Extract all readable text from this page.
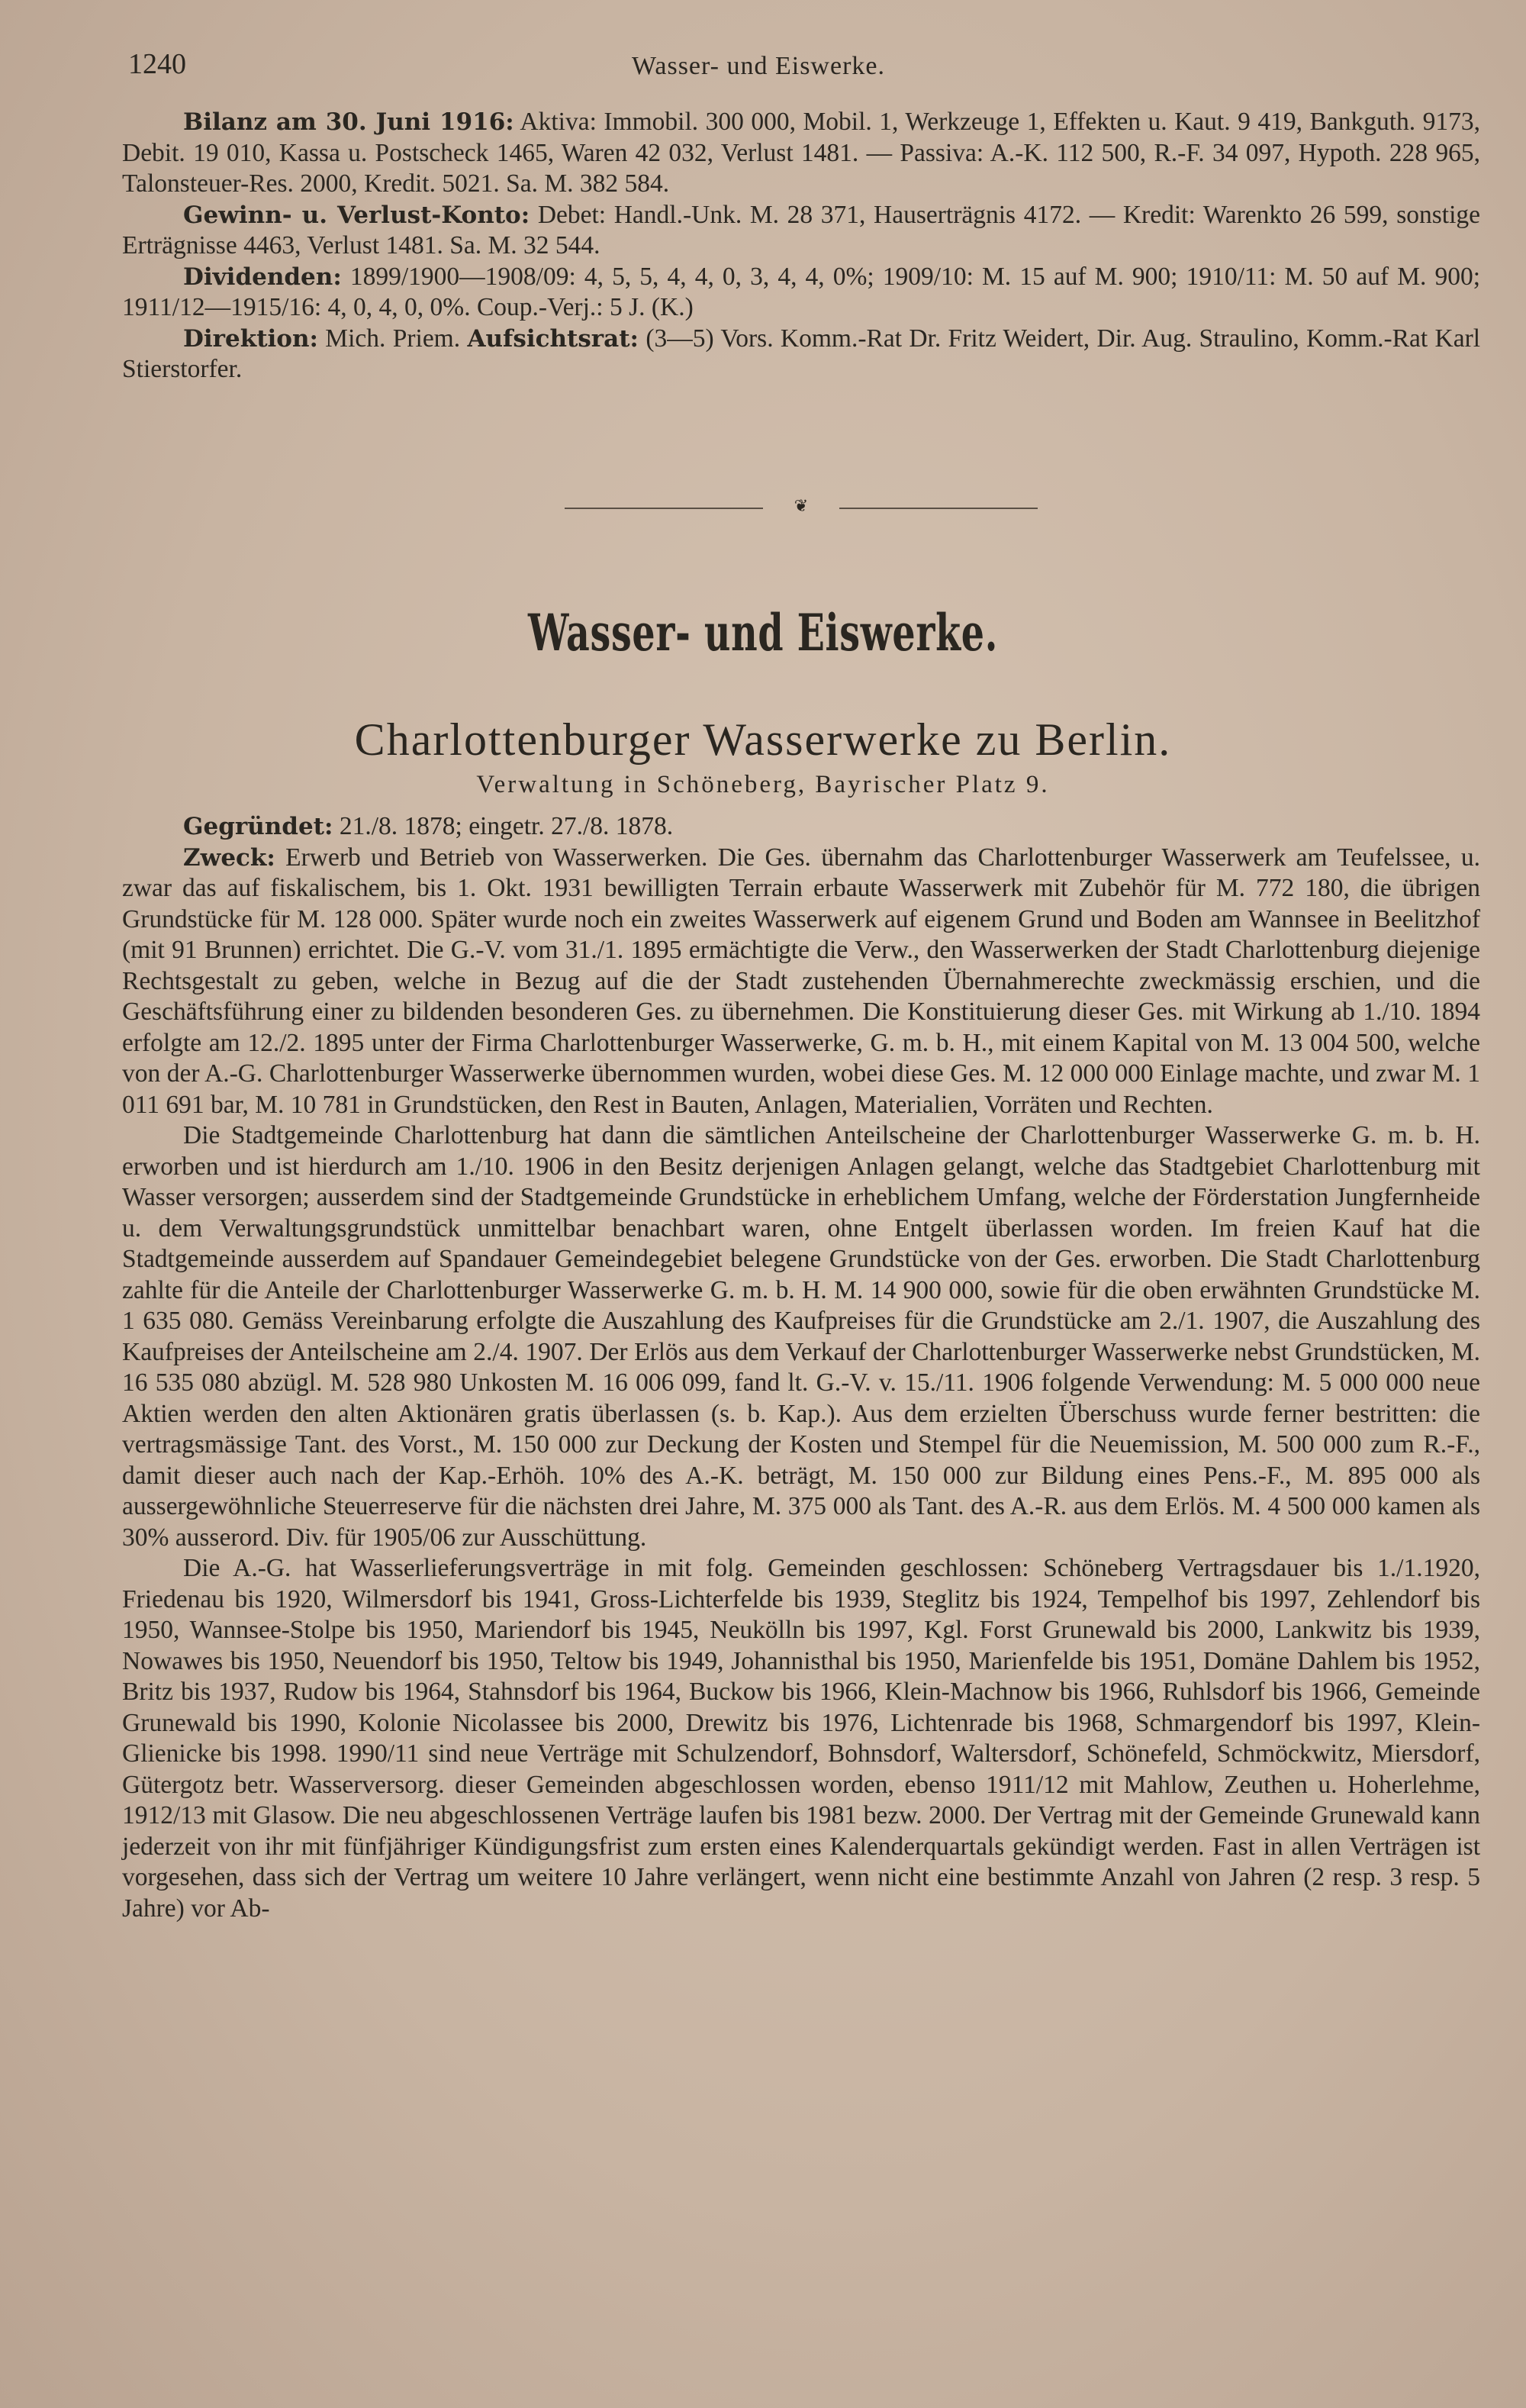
1240	Wasser- und Eiswerke.

Bilanz am 30. Juni 1916: Aktiva: Immobil. 300 000, Mobil. 1, Werkzeuge 1, Effekten u. Kaut. 9 419, Bankguth. 9173, Debit. 19 010, Kassa u. Postscheck 1465, Waren 42 032, Verlust 1481. — Passiva: A.-K. 112 500, R.-F. 34 097, Hypoth. 228 965, Talonsteuer-Res. 2000, Kredit. 5021. Sa. M. 382 584.

Gewinn- u. Verlust-Konto: Debet: Handl.-Unk. M. 28 371, Hauserträgnis 4172. — Kredit: Warenkto 26 599, sonstige Erträgnisse 4463, Verlust 1481. Sa. M. 32 544.

Dividenden: 1899/1900—1908/09: 4, 5, 5, 4, 4, 0, 3, 4, 4, 0%; 1909/10: M. 15 auf M. 900; 1910/11: M. 50 auf M. 900; 1911/12—1915/16: 4, 0, 4, 0, 0%. Coup.-Verj.: 5 J. (K.)

Direktion: Mich. Priem. Aufsichtsrat: (3—5) Vors. Komm.-Rat Dr. Fritz Weidert, Dir. Aug. Straulino, Komm.-Rat Karl Stierstorfer.

❦
Wasser- und Eiswerke.
Charlottenburger Wasserwerke zu Berlin.
Verwaltung in Schöneberg, Bayrischer Platz 9.

Gegründet: 21./8. 1878; eingetr. 27./8. 1878.

Zweck: Erwerb und Betrieb von Wasserwerken. Die Ges. übernahm das Charlottenburger Wasserwerk am Teufelssee, u. zwar das auf fiskalischem, bis 1. Okt. 1931 bewilligten Terrain erbaute Wasserwerk mit Zubehör für M. 772 180, die übrigen Grundstücke für M. 128 000. Später wurde noch ein zweites Wasserwerk auf eigenem Grund und Boden am Wannsee in Beelitzhof (mit 91 Brunnen) errichtet. Die G.-V. vom 31./1. 1895 ermächtigte die Verw., den Wasserwerken der Stadt Charlottenburg diejenige Rechtsgestalt zu geben, welche in Bezug auf die der Stadt zustehenden Übernahmerechte zweckmässig erschien, und die Geschäftsführung einer zu bildenden besonderen Ges. zu übernehmen. Die Konstituierung dieser Ges. mit Wirkung ab 1./10. 1894 erfolgte am 12./2. 1895 unter der Firma Charlottenburger Wasserwerke, G. m. b. H., mit einem Kapital von M. 13 004 500, welche von der A.-G. Charlottenburger Wasserwerke übernommen wurden, wobei diese Ges. M. 12 000 000 Einlage machte, und zwar M. 1 011 691 bar, M. 10 781 in Grundstücken, den Rest in Bauten, Anlagen, Materialien, Vorräten und Rechten.

Die Stadtgemeinde Charlottenburg hat dann die sämtlichen Anteilscheine der Charlottenburger Wasserwerke G. m. b. H. erworben und ist hierdurch am 1./10. 1906 in den Besitz derjenigen Anlagen gelangt, welche das Stadtgebiet Charlottenburg mit Wasser versorgen; ausserdem sind der Stadtgemeinde Grundstücke in erheblichem Umfang, welche der Förderstation Jungfernheide u. dem Verwaltungsgrundstück unmittelbar benachbart waren, ohne Entgelt überlassen worden. Im freien Kauf hat die Stadtgemeinde ausserdem auf Spandauer Gemeindegebiet belegene Grundstücke von der Ges. erworben. Die Stadt Charlottenburg zahlte für die Anteile der Charlottenburger Wasserwerke G. m. b. H. M. 14 900 000, sowie für die oben erwähnten Grundstücke M. 1 635 080. Gemäss Vereinbarung erfolgte die Auszahlung des Kaufpreises für die Grundstücke am 2./1. 1907, die Auszahlung des Kaufpreises der Anteilscheine am 2./4. 1907. Der Erlös aus dem Verkauf der Charlottenburger Wasserwerke nebst Grundstücken, M. 16 535 080 abzügl. M. 528 980 Unkosten M. 16 006 099, fand lt. G.-V. v. 15./11. 1906 folgende Verwendung: M. 5 000 000 neue Aktien werden den alten Aktionären gratis überlassen (s. b. Kap.). Aus dem erzielten Überschuss wurde ferner bestritten: die vertragsmässige Tant. des Vorst., M. 150 000 zur Deckung der Kosten und Stempel für die Neuemission, M. 500 000 zum R.-F., damit dieser auch nach der Kap.-Erhöh. 10% des A.-K. beträgt, M. 150 000 zur Bildung eines Pens.-F., M. 895 000 als aussergewöhnliche Steuerreserve für die nächsten drei Jahre, M. 375 000 als Tant. des A.-R. aus dem Erlös. M. 4 500 000 kamen als 30% ausserord. Div. für 1905/06 zur Ausschüttung.

Die A.-G. hat Wasserlieferungsverträge in mit folg. Gemeinden geschlossen: Schöneberg Vertragsdauer bis 1./1.1920, Friedenau bis 1920, Wilmersdorf bis 1941, Gross-Lichterfelde bis 1939, Steglitz bis 1924, Tempelhof bis 1997, Zehlendorf bis 1950, Wannsee-Stolpe bis 1950, Mariendorf bis 1945, Neukölln bis 1997, Kgl. Forst Grunewald bis 2000, Lankwitz bis 1939, Nowawes bis 1950, Neuendorf bis 1950, Teltow bis 1949, Johannisthal bis 1950, Marienfelde bis 1951, Domäne Dahlem bis 1952, Britz bis 1937, Rudow bis 1964, Stahnsdorf bis 1964, Buckow bis 1966, Klein-Machnow bis 1966, Ruhlsdorf bis 1966, Gemeinde Grunewald bis 1990, Kolonie Nicolassee bis 2000, Drewitz bis 1976, Lichtenrade bis 1968, Schmargendorf bis 1997, Klein-Glienicke bis 1998. 1990/11 sind neue Verträge mit Schulzendorf, Bohnsdorf, Waltersdorf, Schönefeld, Schmöckwitz, Miersdorf, Gütergotz betr. Wasserversorg. dieser Gemeinden abgeschlossen worden, ebenso 1911/12 mit Mahlow, Zeuthen u. Hoherlehme, 1912/13 mit Glasow. Die neu abgeschlossenen Verträge laufen bis 1981 bezw. 2000. Der Vertrag mit der Gemeinde Grunewald kann jederzeit von ihr mit fünfjähriger Kündigungsfrist zum ersten eines Kalenderquartals gekündigt werden. Fast in allen Verträgen ist vorgesehen, dass sich der Vertrag um weitere 10 Jahre verlängert, wenn nicht eine bestimmte Anzahl von Jahren (2 resp. 3 resp. 5 Jahre) vor Ab-
